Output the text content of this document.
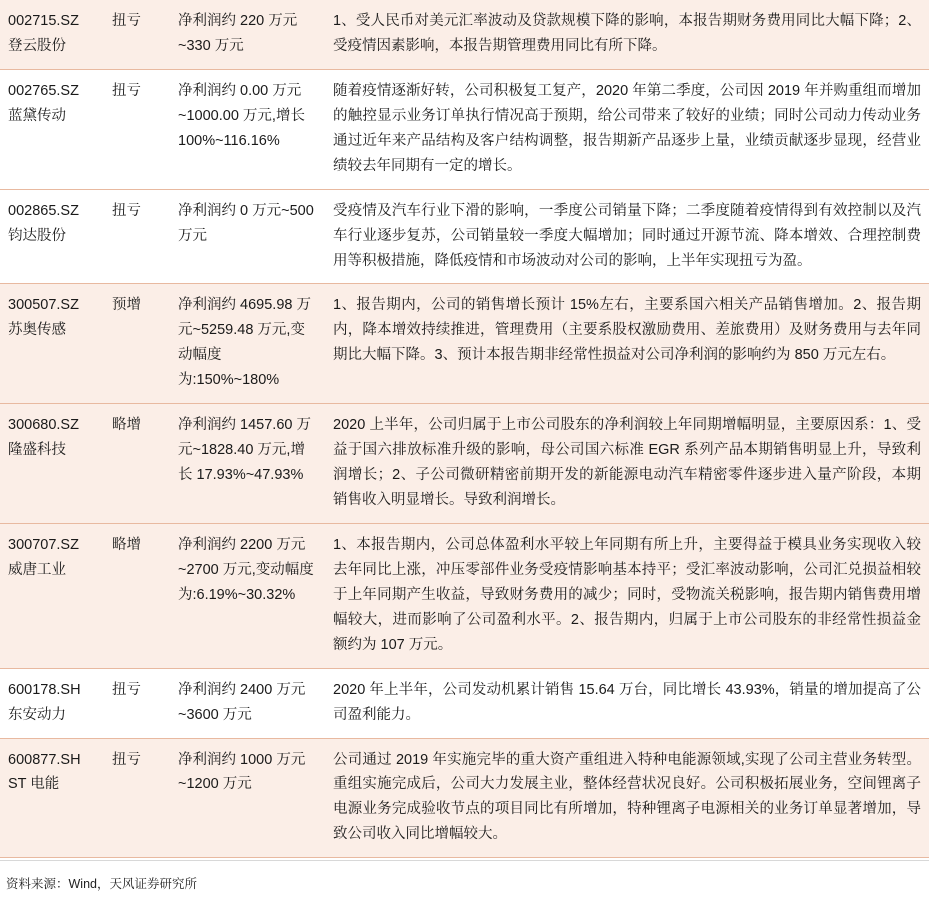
002715.SZ
登云股份	扭亏	净利润约 220 万元~330 万元	1、受人民币对美元汇率波动及贷款规模下降的影响，本报告期财务费用同比大幅下降；2、受疫情因素影响，本报告期管理费用同比有所下降。

002765.SZ
蓝黛传动	扭亏	净利润约 0.00 万元~1000.00 万元,增长 100%~116.16%	随着疫情逐渐好转，公司积极复工复产，2020 年第二季度，公司因 2019 年并购重组而增加的触控显示业务订单执行情况高于预期，给公司带来了较好的业绩；同时公司动力传动业务通过近年来产品结构及客户结构调整，报告期新产品逐步上量，业绩贡献逐步显现，经营业绩较去年同期有一定的增长。

002865.SZ
钧达股份	扭亏	净利润约 0 万元~500 万元	受疫情及汽车行业下滑的影响，一季度公司销量下降；二季度随着疫情得到有效控制以及汽车行业逐步复苏，公司销量较一季度大幅增加；同时通过开源节流、降本增效、合理控制费用等积极措施，降低疫情和市场波动对公司的影响，上半年实现扭亏为盈。

300507.SZ
苏奥传感	预增	净利润约 4695.98 万元~5259.48 万元,变动幅度为:150%~180%	1、报告期内，公司的销售增长预计 15%左右，主要系国六相关产品销售增加。2、报告期内，降本增效持续推进，管理费用（主要系股权激励费用、差旅费用）及财务费用与去年同期比大幅下降。3、预计本报告期非经常性损益对公司净利润的影响约为 850 万元左右。

300680.SZ
隆盛科技	略增	净利润约 1457.60 万元~1828.40 万元,增长 17.93%~47.93%	2020 上半年，公司归属于上市公司股东的净利润较上年同期增幅明显，主要原因系：1、受益于国六排放标准升级的影响，母公司国六标准 EGR 系列产品本期销售明显上升，导致利润增长；2、子公司微研精密前期开发的新能源电动汽车精密零件逐步进入量产阶段，本期销售收入明显增长。导致利润增长。

300707.SZ
威唐工业	略增	净利润约 2200 万元~2700 万元,变动幅度为:6.19%~30.32%	1、本报告期内，公司总体盈利水平较上年同期有所上升，主要得益于模具业务实现收入较去年同比上涨，冲压零部件业务受疫情影响基本持平；受汇率波动影响，公司汇兑损益相较于上年同期产生收益，导致财务费用的减少；同时，受物流关税影响，报告期内销售费用增幅较大，进而影响了公司盈利水平。2、报告期内，归属于上市公司股东的非经常性损益金额约为 107 万元。

600178.SH
东安动力	扭亏	净利润约 2400 万元~3600 万元	2020 年上半年，公司发动机累计销售 15.64 万台，同比增长 43.93%，销量的增加提高了公司盈利能力。

600877.SH
ST 电能	扭亏	净利润约 1000 万元~1200 万元	公司通过 2019 年实施完毕的重大资产重组进入特种电能源领域,实现了公司主营业务转型。重组实施完成后，公司大力发展主业，整体经营状况良好。公司积极拓展业务，空间锂离子电源业务完成验收节点的项目同比有所增加，特种锂离子电源相关的业务订单显著增加，导致公司收入同比增幅较大。
资料来源：Wind，天风证券研究所
